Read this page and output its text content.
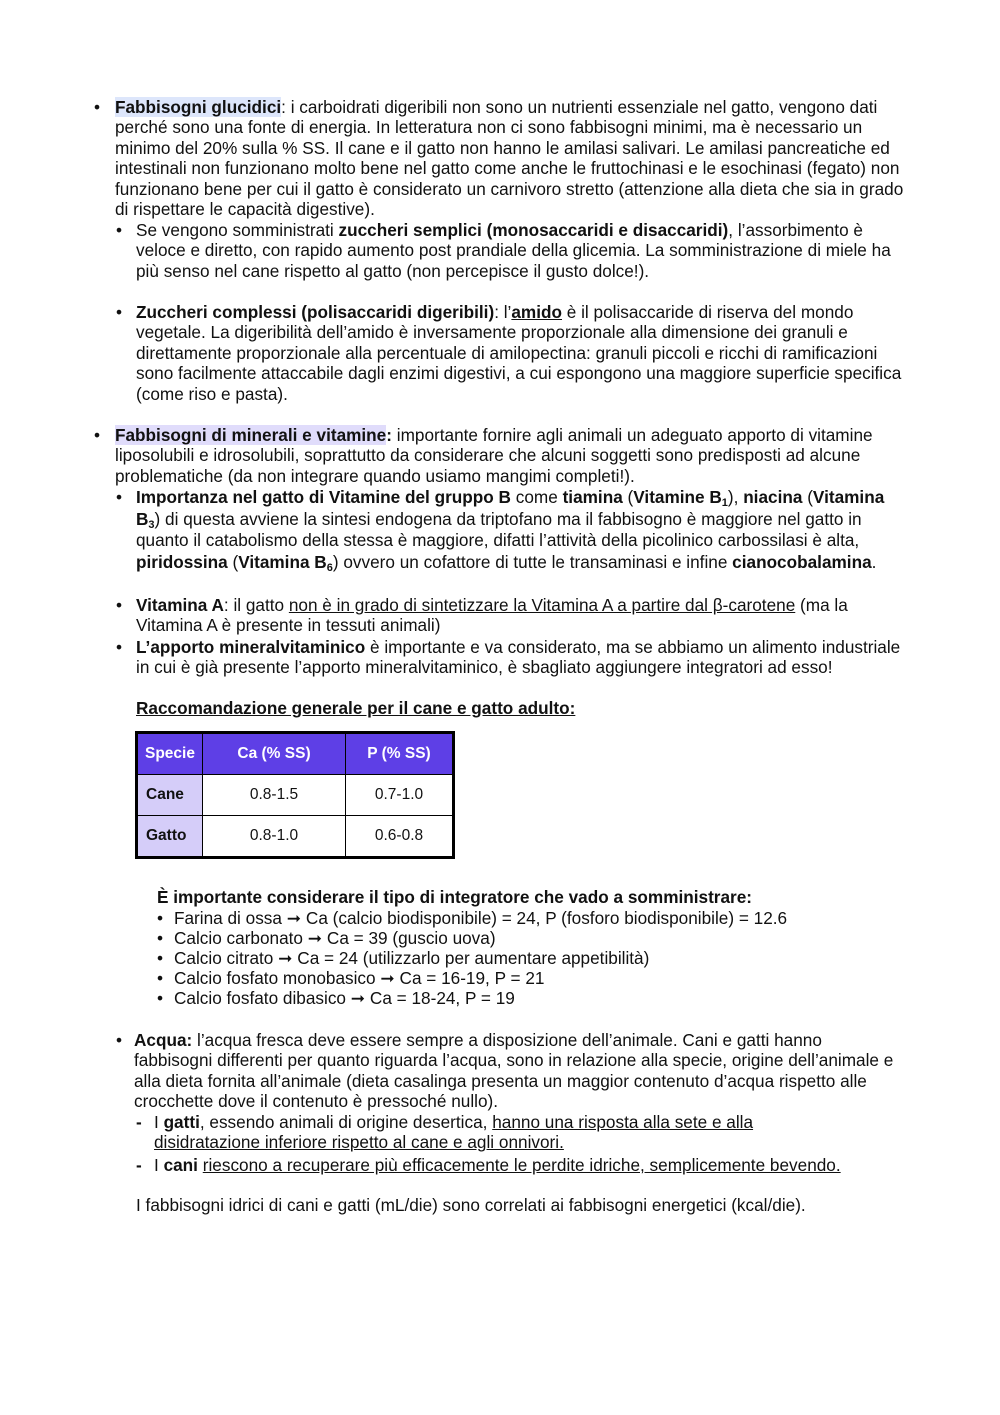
• Fabbisogni glucidici: i carboidrati digeribili non sono un nutrienti essenziale nel gatto, vengono dati perché sono una fonte di energia. In letteratura non ci sono fabbisogni minimi, ma è necessario un minimo del 20% sulla % SS. Il cane e il gatto non hanno le amilasi salivari. Le amilasi pancreatiche ed intestinali non funzionano molto bene nel gatto come anche le fruttochinasi e le esochinasi (fegato) non funzionano bene per cui il gatto è considerato un carnivoro stretto (attenzione alla dieta che sia in grado di rispettare le capacità digestive).

• Se vengono somministrati zuccheri semplici (monosaccaridi e disaccaridi), l’assorbimento è veloce e diretto, con rapido aumento post prandiale della glicemia. La somministrazione di miele ha più senso nel cane rispetto al gatto (non percepisce il gusto dolce!).

• Zuccheri complessi (polisaccaridi digeribili): l’amido è il polisaccaride di riserva del mondo vegetale. La digeribilità dell’amido è inversamente proporzionale alla dimensione dei granuli e direttamente proporzionale alla percentuale di amilopectina: granuli piccoli e ricchi di ramificazioni sono facilmente attaccabile dagli enzimi digestivi, a cui espongono una maggiore superficie specifica (come riso e pasta).

• Fabbisogni di minerali e vitamine: importante fornire agli animali un adeguato apporto di vitamine liposolubili e idrosolubili, soprattutto da considerare che alcuni soggetti sono predisposti ad alcune problematiche (da non integrare quando usiamo mangimi completi!).

• Importanza nel gatto di Vitamine del gruppo B come tiamina (Vitamine $B_1$), niacina (Vitamina $B_3$) di questa avviene la sintesi endogena da triptofano ma il fabbisogno è maggiore nel gatto in quanto il catabolismo della stessa è maggiore, difatti l’attività della picolinico carbossilasi è alta, piridossina (Vitamina $B_6$) ovvero un cofattore di tutte le transaminasi e infine cianocobalamina.

• Vitamina A: il gatto non è in grado di sintetizzare la Vitamina A a partire dal β-carotene (ma la Vitamina A è presente in tessuti animali)

• L’apporto mineralvitaminico è importante e va considerato, ma se abbiamo un alimento industriale in cui è già presente l’apporto mineralvitaminico, è sbagliato aggiungere integratori ad esso!

Raccomandazione generale per il cane e gatto adulto:

Specie	Ca (% SS)	P (% SS)
Cane	0.8-1.5	0.7-1.0
Gatto	0.8-1.0	0.6-0.8

È importante considerare il tipo di integratore che vado a somministrare:

• Farina di ossa ➞ Ca (calcio biodisponibile) = 24, P (fosforo biodisponibile) = 12.6

• Calcio carbonato ➞ Ca = 39 (guscio uova)

• Calcio citrato ➞ Ca = 24 (utilizzarlo per aumentare appetibilità)

• Calcio fosfato monobasico ➞ Ca = 16-19, P = 21

• Calcio fosfato dibasico ➞ Ca = 18-24, P = 19

• Acqua: l’acqua fresca deve essere sempre a disposizione dell’animale. Cani e gatti hanno fabbisogni differenti per quanto riguarda l’acqua, sono in relazione alla specie, origine dell’animale e alla dieta fornita all’animale (dieta casalinga presenta un maggior contenuto d’acqua rispetto alle crocchette dove il contenuto è pressoché nullo).

- I gatti, essendo animali di origine desertica, hanno una risposta alla sete e alla disidratazione inferiore rispetto al cane e agli onnivori.

- I cani riescono a recuperare più efficacemente le perdite idriche, semplicemente bevendo.

I fabbisogni idrici di cani e gatti (mL/die) sono correlati ai fabbisogni energetici (kcal/die).
